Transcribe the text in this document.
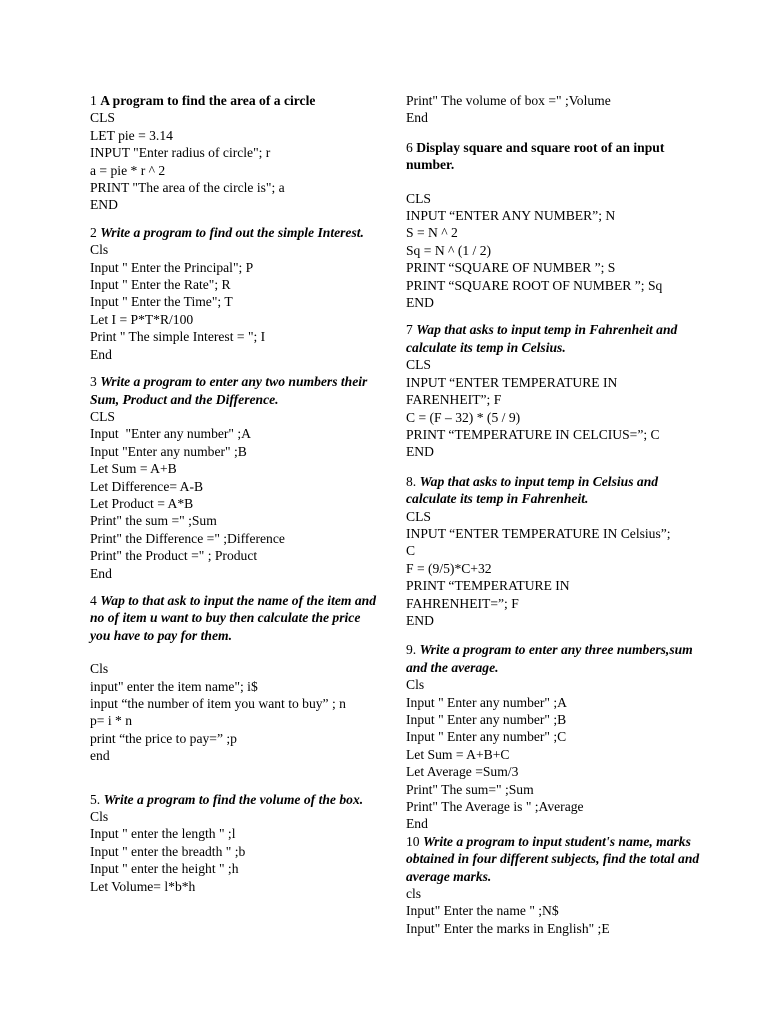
1 A program to find the area of a circle
CLS
LET pie = 3.14
INPUT "Enter radius of circle"; r
a = pie * r ^ 2
PRINT "The area of the circle is"; a
END
2 Write a program to find out the simple Interest.
Cls
Input " Enter the Principal"; P
Input " Enter the Rate"; R
Input " Enter the Time"; T
Let I = P*T*R/100
Print " The simple Interest = "; I
End
3 Write a program to enter any two numbers their Sum, Product and the Difference.
CLS
Input  "Enter any number" ;A
Input "Enter any number" ;B
Let Sum = A+B
Let Difference= A-B
Let Product = A*B
Print" the sum =" ;Sum
Print" the Difference =" ;Difference
Print" the Product =" ; Product
End
4 Wap to that ask to input the name of the item and no of item u want to buy then calculate the price you have to pay for them.
Cls
input" enter the item name"; i$
input “the number of item you want to buy” ; n
p= i * n
print “the price to pay=” ;p
end
5. Write a program to find the volume of the box.
Cls
Input " enter the length " ;l
Input " enter the breadth " ;b
Input " enter the height " ;h
Let Volume= l*b*h
Print" The volume of box =" ;Volume
End
6 Display square and square root of an input number.
CLS
INPUT “ENTER ANY NUMBER”; N
S = N ^ 2
Sq = N ^ (1 / 2)
PRINT “SQUARE OF NUMBER ”; S
PRINT “SQUARE ROOT OF NUMBER ”; Sq
END
7 Wap that asks to input temp in Fahrenheit and calculate its temp in Celsius.
CLS
INPUT “ENTER TEMPERATURE IN
FARENHEIT”; F
C = (F – 32) * (5 / 9)
PRINT “TEMPERATURE IN CELCIUS=”; C
END
8. Wap that asks to input temp in Celsius and calculate its temp in Fahrenheit.
CLS
INPUT “ENTER TEMPERATURE IN Celsius”;
C
F = (9/5)*C+32
PRINT “TEMPERATURE IN
FAHRENHEIT=”; F
END
9. Write a program to enter any three numbers,sum and the average.
Cls
Input " Enter any number" ;A
Input " Enter any number" ;B
Input " Enter any number" ;C
Let Sum = A+B+C
Let Average =Sum/3
Print" The sum=" ;Sum
Print" The Average is " ;Average
End
10 Write a program to input student's name, marks obtained in four different subjects, find the total and average marks.
cls
Input" Enter the name " ;N$
Input" Enter the marks in English" ;E
